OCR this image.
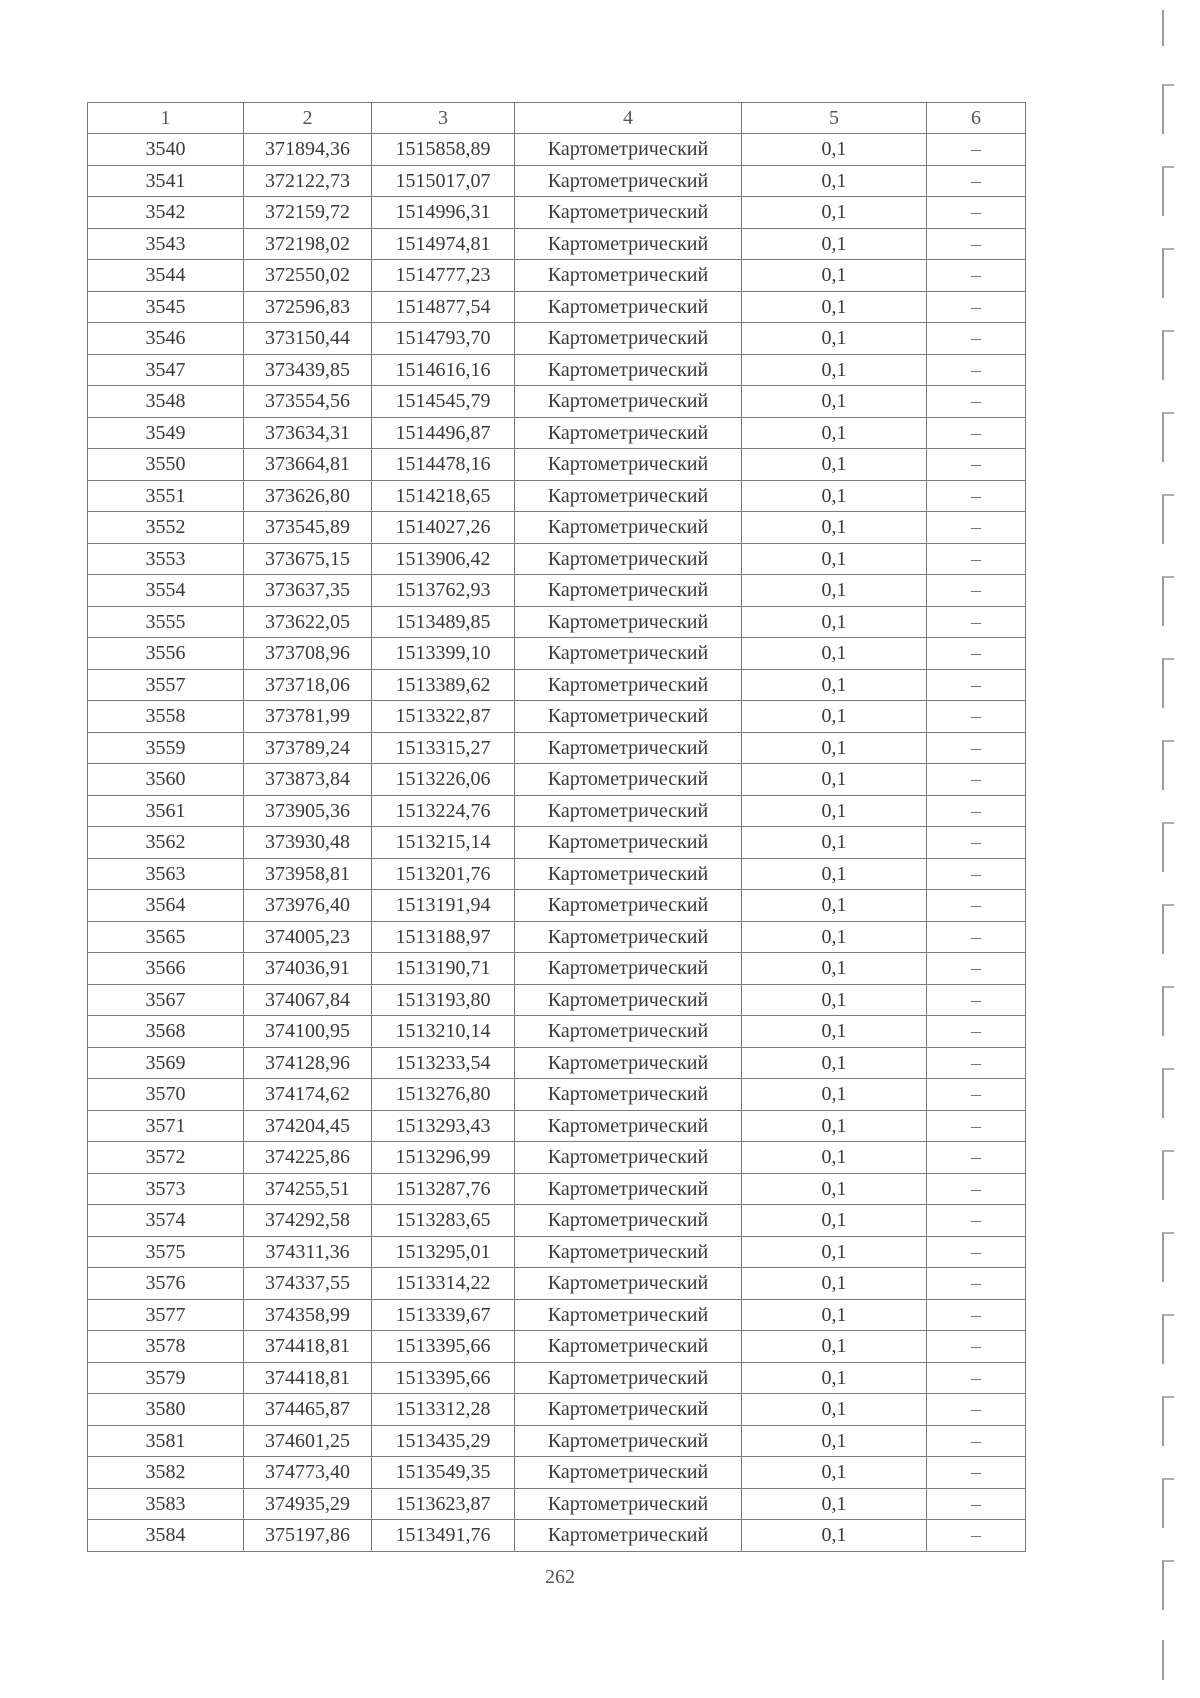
1	2	3	4	5	6
3540	371894,36	1515858,89	Картометрический	0,1	–
3541	372122,73	1515017,07	Картометрический	0,1	–
3542	372159,72	1514996,31	Картометрический	0,1	–
3543	372198,02	1514974,81	Картометрический	0,1	–
3544	372550,02	1514777,23	Картометрический	0,1	–
3545	372596,83	1514877,54	Картометрический	0,1	–
3546	373150,44	1514793,70	Картометрический	0,1	–
3547	373439,85	1514616,16	Картометрический	0,1	–
3548	373554,56	1514545,79	Картометрический	0,1	–
3549	373634,31	1514496,87	Картометрический	0,1	–
3550	373664,81	1514478,16	Картометрический	0,1	–
3551	373626,80	1514218,65	Картометрический	0,1	–
3552	373545,89	1514027,26	Картометрический	0,1	–
3553	373675,15	1513906,42	Картометрический	0,1	–
3554	373637,35	1513762,93	Картометрический	0,1	–
3555	373622,05	1513489,85	Картометрический	0,1	–
3556	373708,96	1513399,10	Картометрический	0,1	–
3557	373718,06	1513389,62	Картометрический	0,1	–
3558	373781,99	1513322,87	Картометрический	0,1	–
3559	373789,24	1513315,27	Картометрический	0,1	–
3560	373873,84	1513226,06	Картометрический	0,1	–
3561	373905,36	1513224,76	Картометрический	0,1	–
3562	373930,48	1513215,14	Картометрический	0,1	–
3563	373958,81	1513201,76	Картометрический	0,1	–
3564	373976,40	1513191,94	Картометрический	0,1	–
3565	374005,23	1513188,97	Картометрический	0,1	–
3566	374036,91	1513190,71	Картометрический	0,1	–
3567	374067,84	1513193,80	Картометрический	0,1	–
3568	374100,95	1513210,14	Картометрический	0,1	–
3569	374128,96	1513233,54	Картометрический	0,1	–
3570	374174,62	1513276,80	Картометрический	0,1	–
3571	374204,45	1513293,43	Картометрический	0,1	–
3572	374225,86	1513296,99	Картометрический	0,1	–
3573	374255,51	1513287,76	Картометрический	0,1	–
3574	374292,58	1513283,65	Картометрический	0,1	–
3575	374311,36	1513295,01	Картометрический	0,1	–
3576	374337,55	1513314,22	Картометрический	0,1	–
3577	374358,99	1513339,67	Картометрический	0,1	–
3578	374418,81	1513395,66	Картометрический	0,1	–
3579	374418,81	1513395,66	Картометрический	0,1	–
3580	374465,87	1513312,28	Картометрический	0,1	–
3581	374601,25	1513435,29	Картометрический	0,1	–
3582	374773,40	1513549,35	Картометрический	0,1	–
3583	374935,29	1513623,87	Картометрический	0,1	–
3584	375197,86	1513491,76	Картометрический	0,1	–
262
